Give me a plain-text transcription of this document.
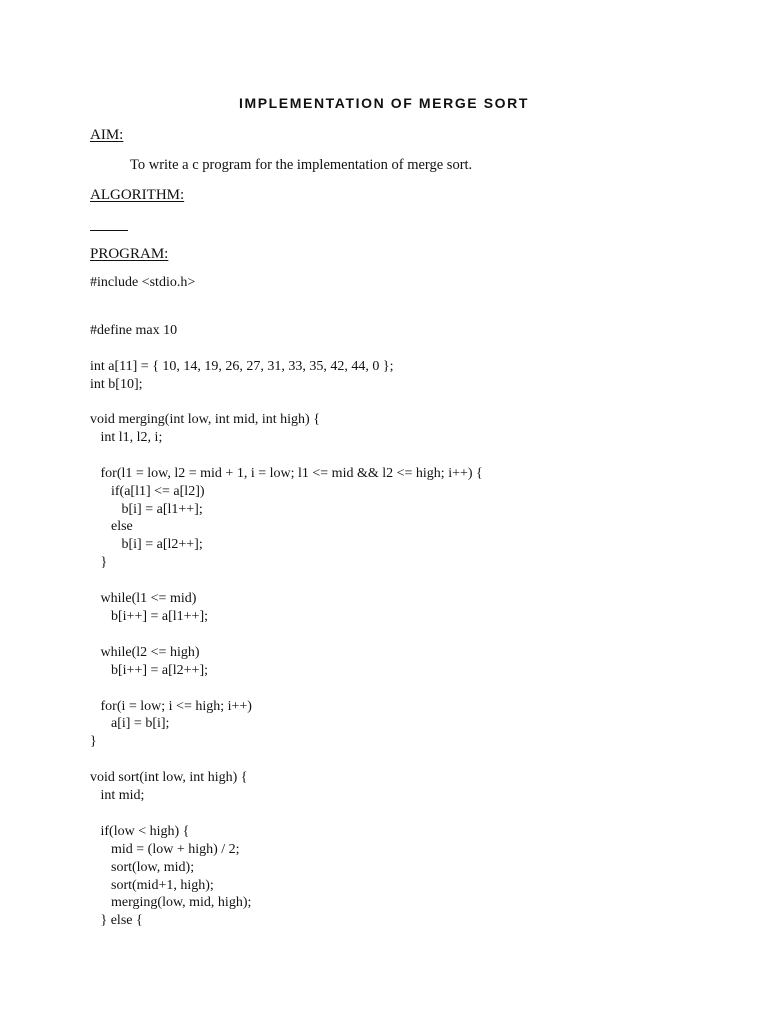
IMPLEMENTATION OF MERGE SORT
AIM:
To write a c program for the implementation of merge sort.
ALGORITHM:
PROGRAM:
#include <stdio.h>
#define max 10
int a[11] = { 10, 14, 19, 26, 27, 31, 33, 35, 42, 44, 0 };
int b[10];
void merging(int low, int mid, int high) {
int l1, l2, i;

for(l1 = low, l2 = mid + 1, i = low; l1 <= mid && l2 <= high; i++) {
if(a[l1] <= a[l2])
b[i] = a[l1++];
else
b[i] = a[l2++];
}

while(l1 <= mid)
b[i++] = a[l1++];

while(l2 <= high)
b[i++] = a[l2++];

for(i = low; i <= high; i++)
a[i] = b[i];
}

void sort(int low, int high) {
int mid;

if(low < high) {
mid = (low + high) / 2;
sort(low, mid);
sort(mid+1, high);
merging(low, mid, high);
} else {
